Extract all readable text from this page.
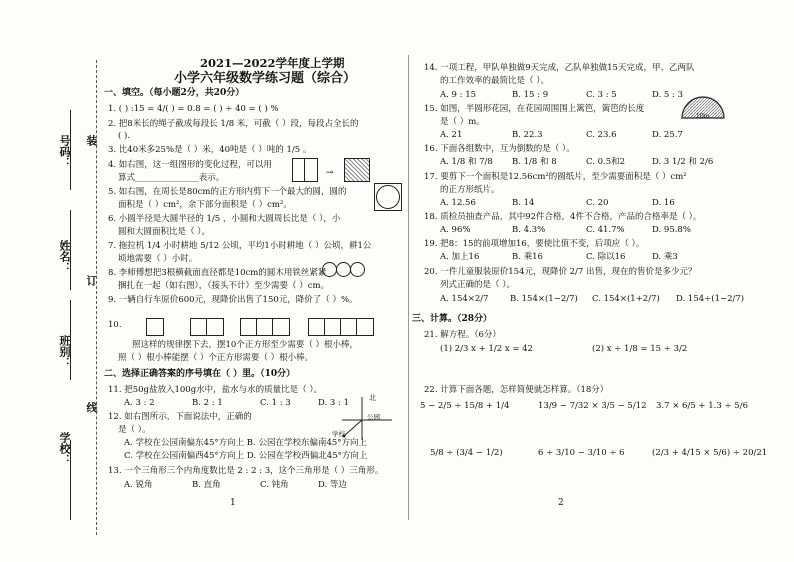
学校：
班别：
姓名：
号码： 装
订
线
2021—2022学年度上学期
小学六年级数学练习题（综合）
一、填空。（每小题2分，共20分）
1. ( ) :15 = 4/( ) = 0.8 = ( ) ÷ 40 = ( ) %
2. 把8米长的绳子截成每段长 1/8 米，可截（ ）段，每段占全长的
( ).
3. 比40米多25%是（ ）米，40吨是（ ）吨的 1/5 。
4. 如右图，这一组图形的变化过程，可以用
算式_______________表示。	→
5. 如右图，在周长是80cm的正方形内剪下一个最大的圆，圆的
面积是（ ）cm²，余下部分面积是（ ）cm²。
6. 小圆半径是大圆半径的 1/5 ，小圆和大圆周长比是（ ），小
圆和大圆面积比是（ ）。
7. 拖拉机 1/4 小时耕地 5/12 公顷，平均1小时耕地（ ）公顷，耕1公
顷地需要（ ）小时。
8. 李师傅想把3根横截面直径都是10cm的圆木用铁丝紧紧
捆扎在一起（如右图），（接头不计）至少需要（ ）cm。
9. 一辆自行车原价600元，现降价出售了150元，降价了（ ）%。
10.
照这样的规律摆下去，摆10个正方形至少需要（ ）根小棒，
照（ ）根小棒能摆（ ）个正方形需要（ ）根小棒。
二、选择正确答案的序号填在（ ）里。（10分）
11. 把50g盐放入100g水中，盐水与水的质量比是（ ）。
A. 3 : 2	B. 2 : 1	C. 1 : 3	D. 3 : 1
12. 如右图所示，下面说法中，正确的
是（ ）。
北
公园
学校
A. 学校在公园南偏东45°方向上 B. 公园在学校东偏南45°方向上
C. 学校在公园南偏西45°方向上 D. 公园在学校西偏北45°方向上
13. 一个三角形三个内角度数比是 2 : 2 : 3，这个三角形是（ ）三角形。
A. 锐角	B. 直角	C. 钝角	D. 等边
1
14. 一项工程，甲队单独做9天完成，乙队单独做15天完成，甲、乙两队
的工作效率的最简比是（ ）。
A. 9 : 15	B. 15 : 9	C. 3 : 5	D. 5 : 3
15. 如图，半圆形花园，在花园周围围上篱笆，篱笆的长度
是（ ）m。
10m
A. 21	B. 22.3	C. 23.6	D. 25.7
16. 下面各组数中，互为倒数的是（ ）。
A. 1/8 和 7/8 B. 1/8 和 8	C. 0.5和2	D. 3 1/2 和 2/6
17. 要剪下一个面积是12.56cm²的圆纸片，至少需要面积是（ ）cm²
的正方形纸片。
A. 12.56	B. 14	C. 20	D. 16
18. 质检员抽查产品，其中92件合格，4件不合格，产品的合格率是（ ）。
A. 96%	B. 4.3%	C. 41.7%	D. 95.8%
19. 把8：15的前项增加16，要使比值不变，后项应（ ）。
A. 加上16	B. 乘16	C. 除以16	D. 乘3
20. 一件儿童服装原价154元，现降价 2/7 出售，现在的售价是多少元？
列式正确的是（ ）。
A. 154×2/7	B. 154×(1−2/7) C. 154×(1+2/7) D. 154÷(1−2/7)
三、计算。（28分）
21. 解方程。（6分）
(1) 2/3 x + 1/2 x = 42	(2) x ÷ 1/8 = 15 ÷ 3/2
22. 计算下面各题，怎样简便就怎样算。（18分）
5 − 2/5 ÷ 15/8 + 1/4	13/9 − 7/32 × 3/5 − 5/12 3.7 × 6/5 + 1.3 ÷ 5/6
5/8 ÷ (3/4 − 1/2)	6 ÷ 3/10 − 3/10 ÷ 6	(2/3 + 4/15 × 5/6) ÷ 20/21
2
